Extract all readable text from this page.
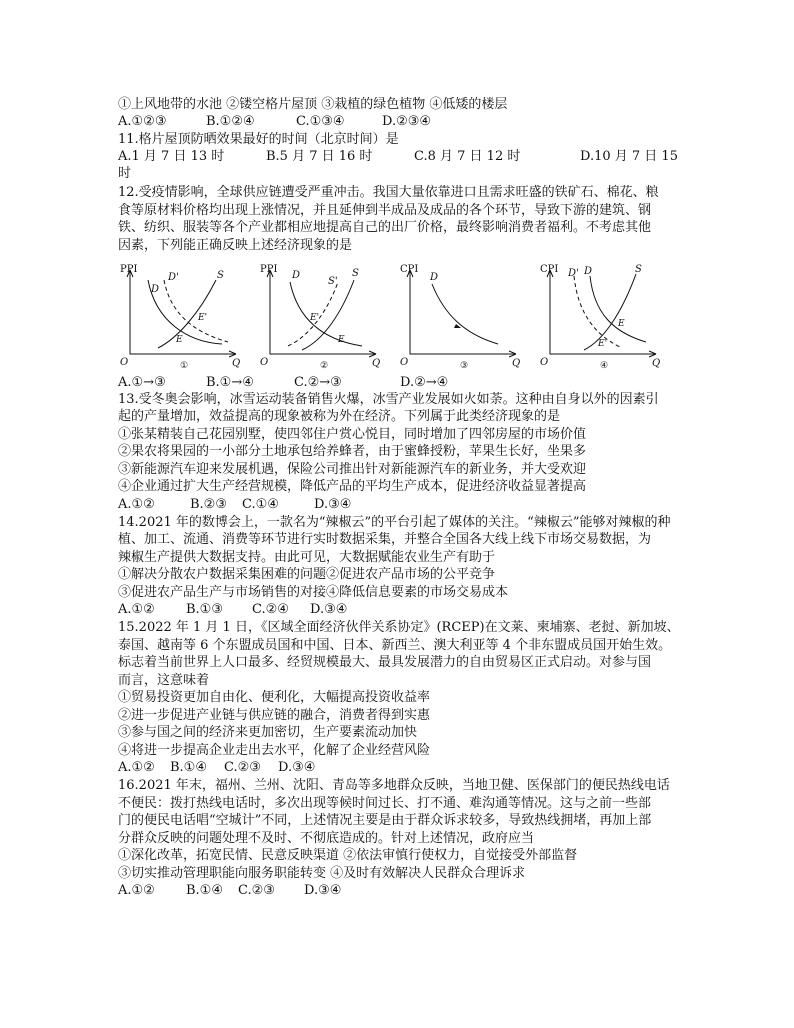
①上风地带的水池 ②镂空格片屋顶 ③栽植的绿色植物 ④低矮的楼层
A.①②③	B.①②④	C.①③④	D.②③④
11.格片屋顶防晒效果最好的时间（北京时间）是
A.1 月 7 日 13 时	B.5 月 7 日 16 时	C.8 月 7 日 12 时	D.10 月 7 日 15
时
12.受疫情影响，全球供应链遭受严重冲击。我国大量依靠进口且需求旺盛的铁矿石、棉花、粮
食等原材料价格均出现上涨情况，并且延伸到半成品及成品的各个环节，导致下游的建筑、钢
铁、纺织、服装等各个产业都相应地提高自己的出厂价格，最终影响消费者福利。不考虑其他
因素，下列能正确反映上述经济现象的是
PPI
D'	S
D
E'
E
O	Q
①
PPI
D
S'
S
E'
E
O	Q
②
CPI
D
O	Q
③
CPI D' D	S
E
E'
O	Q
④
A.①→③	B.①→④	C.②→③	D.②→④
13.受冬奥会影响，冰雪运动装备销售火爆，冰雪产业发展如火如荼。这种由自身以外的因素引
起的产量增加，效益提高的现象被称为外在经济。下列属于此类经济现象的是
①张某精装自己花园别墅，使四邻住户赏心悦目，同时增加了四邻房屋的市场价值
②果农将果园的一小部分土地承包给养蜂者，由于蜜蜂授粉，苹果生长好，坐果多
③新能源汽车迎来发展机遇，保险公司推出针对新能源汽车的新业务，并大受欢迎
④企业通过扩大生产经营规模，降低产品的平均生产成本，促进经济收益显著提高
A.①②	B.②③ C.①④	D.③④
14.2021 年的数博会上，一款名为“辣椒云”的平台引起了媒体的关注。“辣椒云”能够对辣椒的种
植、加工、流通、消费等环节进行实时数据采集，并整合全国各大线上线下市场交易数据，为
辣椒生产提供大数据支持。由此可见，大数据赋能农业生产有助于
①解决分散农户数据采集困难的问题②促进农产品市场的公平竞争
③促进农产品生产与市场销售的对接④降低信息要素的市场交易成本
A.①② B.①③ C.②④ D.③④
15.2022 年 1 月 1 日，《区域全面经济伙伴关系协定》(RCEP)在文莱、柬埔寨、老挝、新加坡、
泰国、越南等 6 个东盟成员国和中国、日本、新西兰、澳大利亚等 4 个非东盟成员国开始生效。
标志着当前世界上人口最多、经贸规模最大、最具发展潜力的自由贸易区正式启动。对参与国
而言，这意味着
①贸易投资更加自由化、便利化，大幅提高投资收益率
②进一步促进产业链与供应链的融合，消费者得到实惠
③参与国之间的经济来更加密切，生产要素流动加快
④将进一步提高企业走出去水平，化解了企业经营风险
A.①② B.①④ C.②③ D.③④
16.2021 年末，福州、兰州、沈阳、青岛等多地群众反映，当地卫健、医保部门的便民热线电话
不便民：拨打热线电话时，多次出现等候时间过长、打不通、难沟通等情况。这与之前一些部
门的便民电话唱“空城计”不同，上述情况主要是由于群众诉求较多，导致热线拥堵，再加上部
分群众反映的问题处理不及时、不彻底造成的。针对上述情况，政府应当
①深化改革，拓宽民情、民意反映渠道 ②依法审慎行使权力，自觉接受外部监督
③切实推动管理职能向服务职能转变 ④及时有效解决人民群众合理诉求
A.①② B.①④ C.②③ D.③④
